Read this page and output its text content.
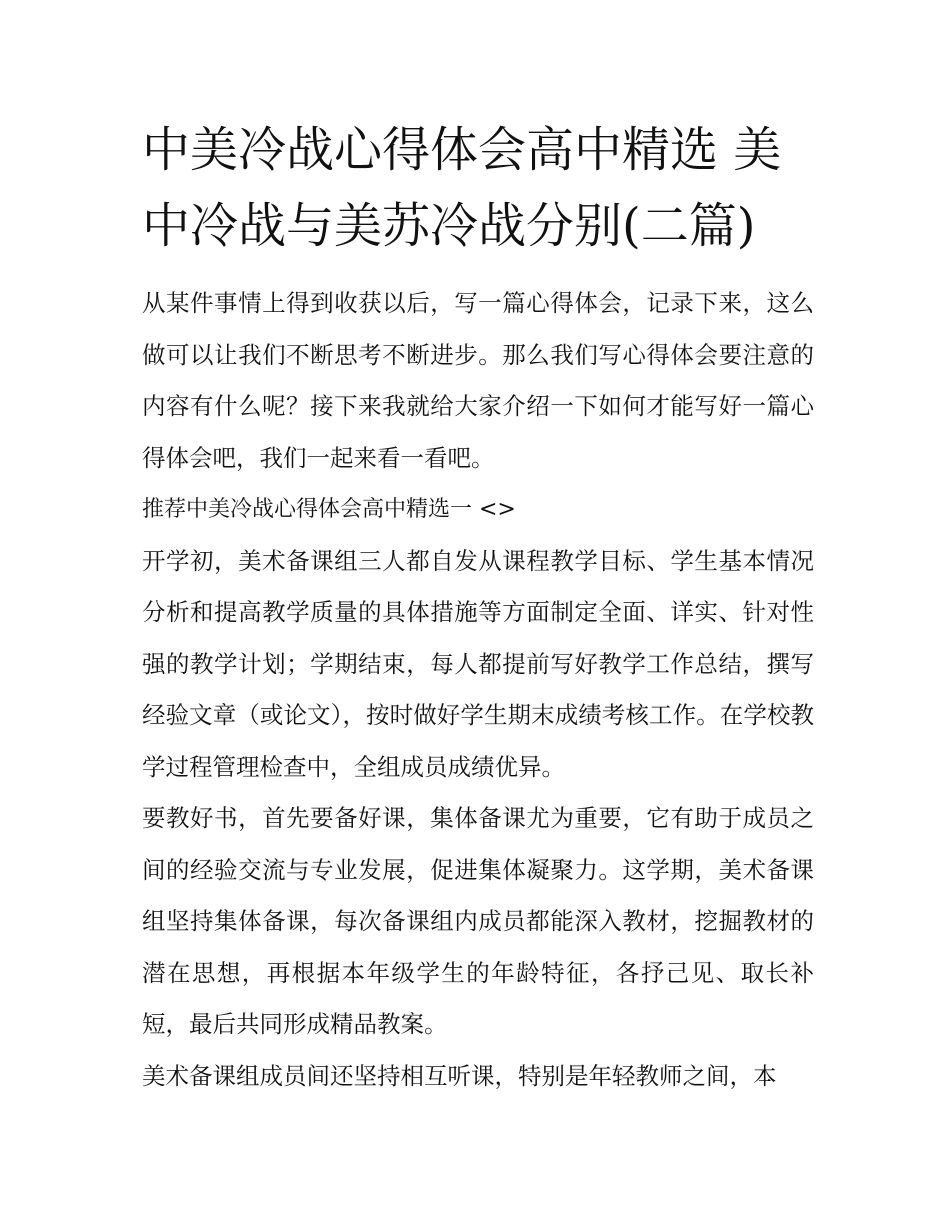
中美冷战心得体会高中精选 美中冷战与美苏冷战分别(二篇)

从某件事情上得到收获以后，写一篇心得体会，记录下来，这么做可以让我们不断思考不断进步。那么我们写心得体会要注意的内容有什么呢？接下来我就给大家介绍一下如何才能写好一篇心得体会吧，我们一起来看一看吧。

推荐中美冷战心得体会高中精选一 <>

开学初，美术备课组三人都自发从课程教学目标、学生基本情况分析和提高教学质量的具体措施等方面制定全面、详实、针对性强的教学计划；学期结束，每人都提前写好教学工作总结，撰写经验文章（或论文），按时做好学生期末成绩考核工作。在学校教学过程管理检查中，全组成员成绩优异。

要教好书，首先要备好课，集体备课尤为重要，它有助于成员之间的经验交流与专业发展，促进集体凝聚力。这学期，美术备课组坚持集体备课，每次备课组内成员都能深入教材，挖掘教材的潜在思想，再根据本年级学生的年龄特征，各抒己见、取长补短，最后共同形成精品教案。

美术备课组成员间还坚持相互听课，特别是年轻教师之间，本
